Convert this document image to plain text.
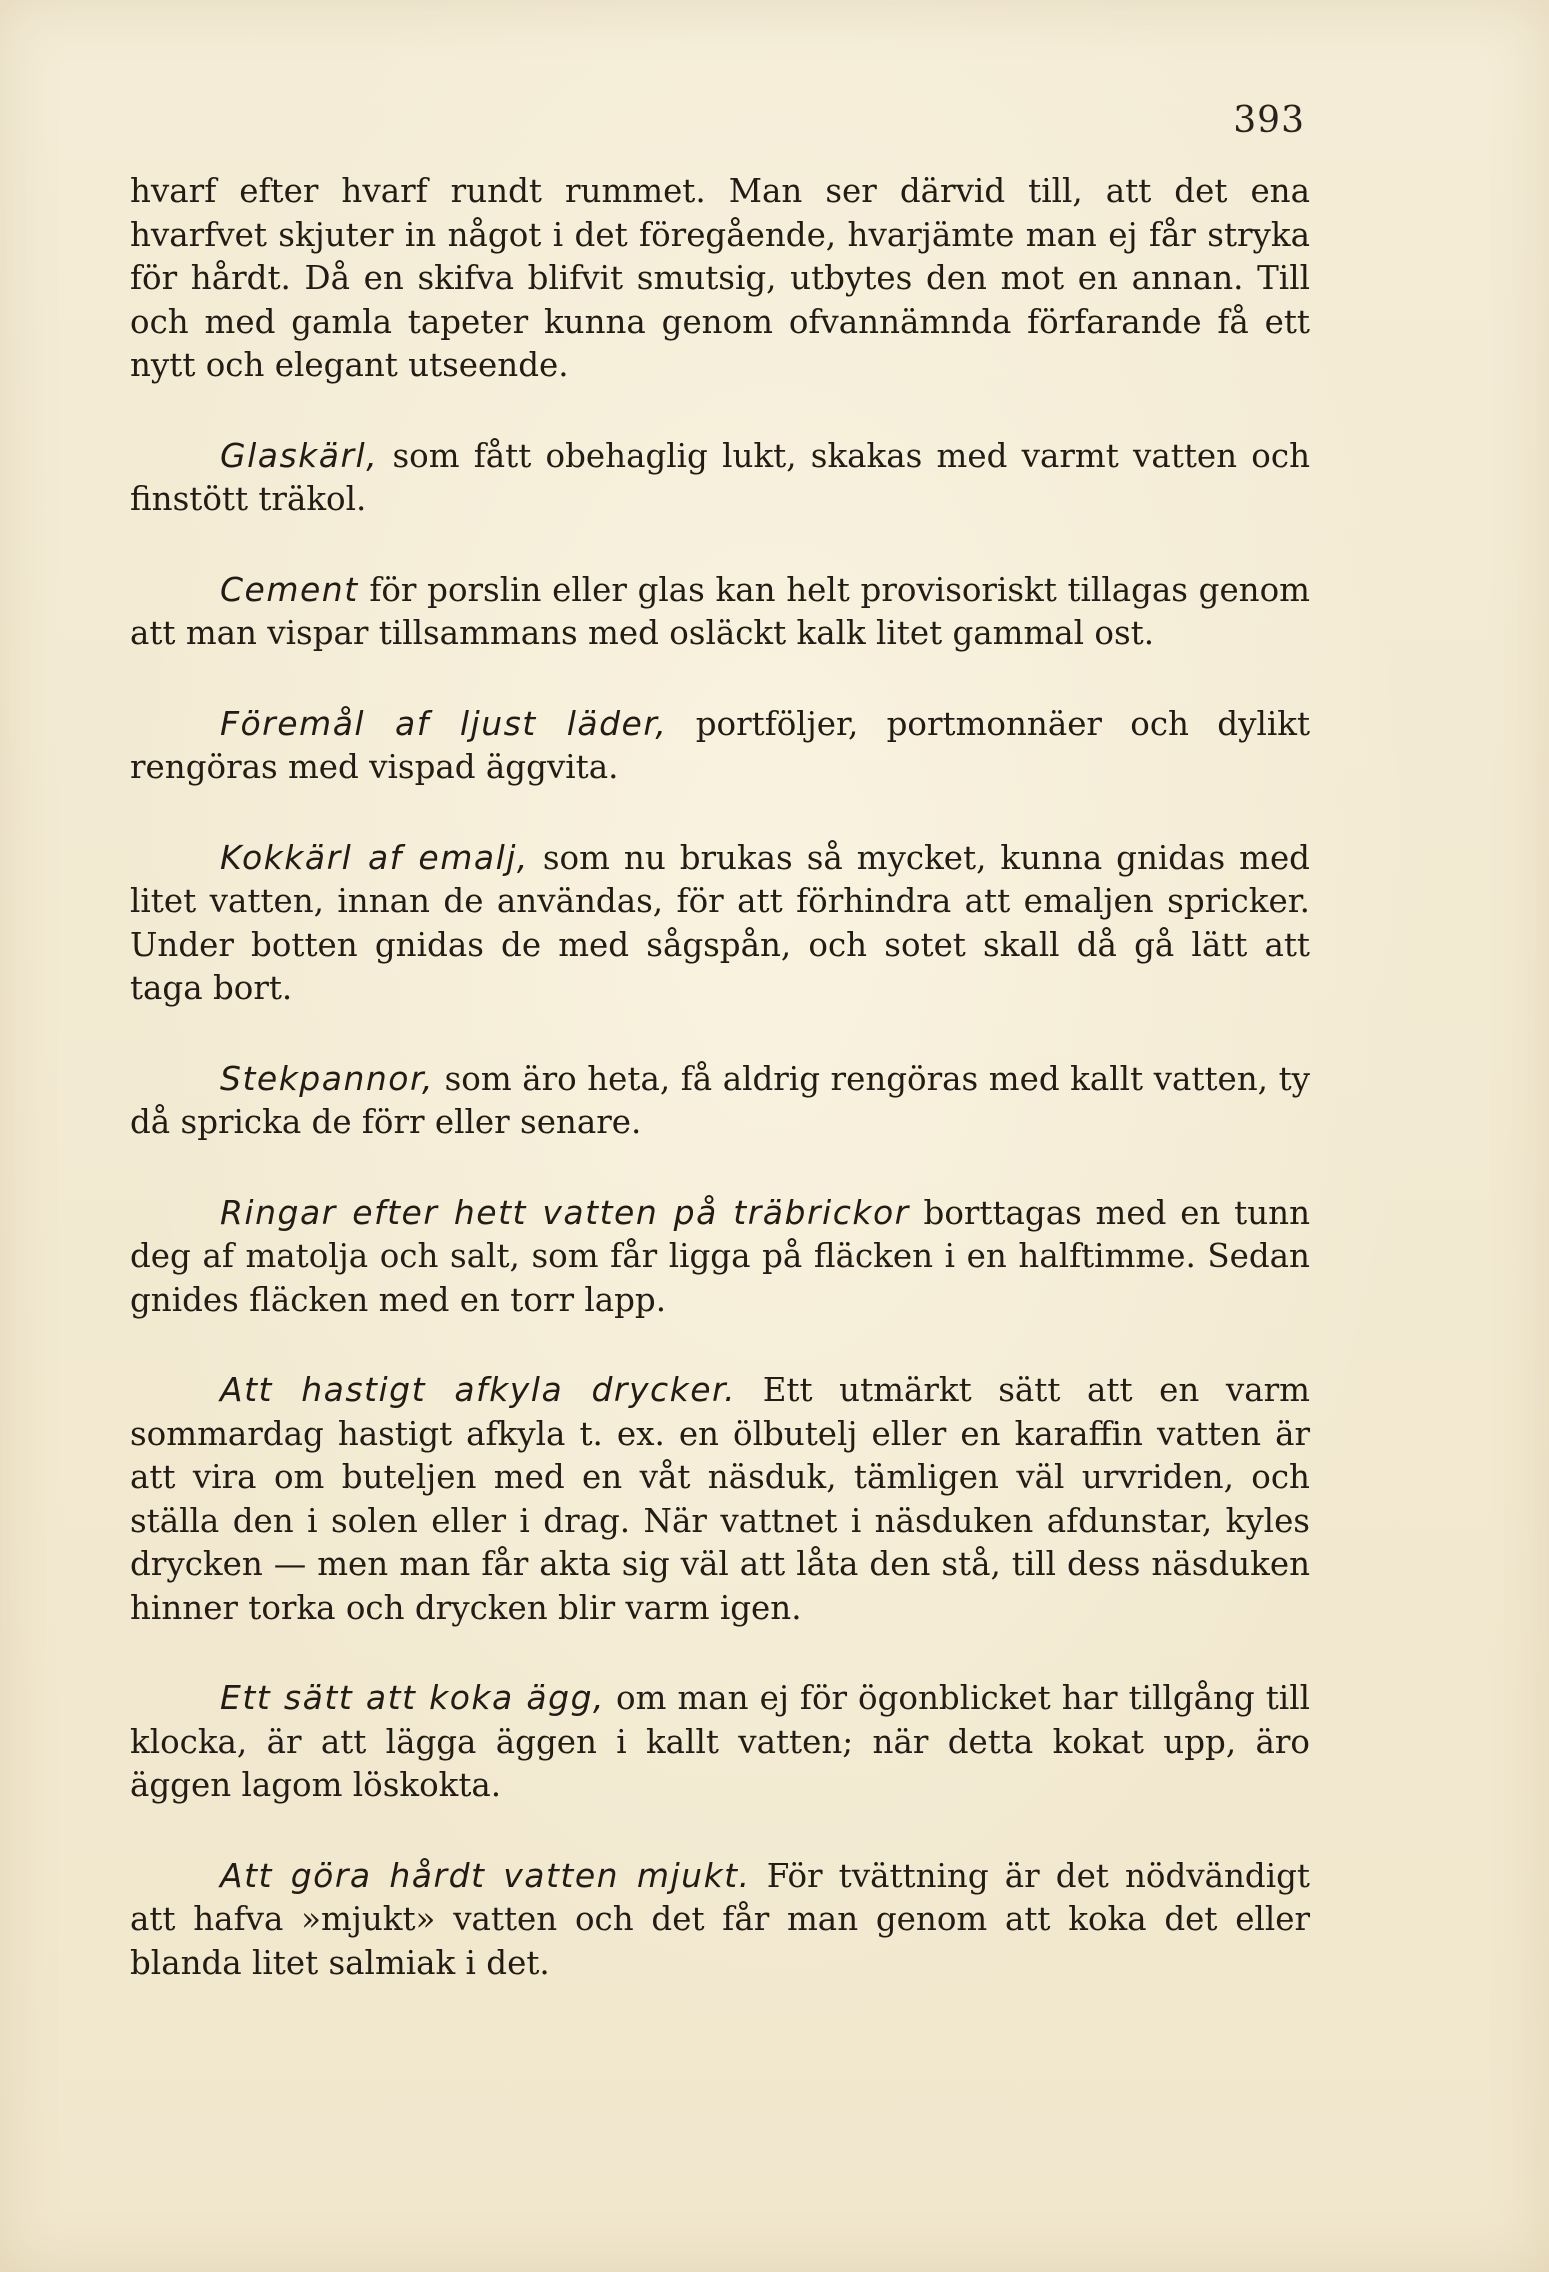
393

hvarf efter hvarf rundt rummet. Man ser därvid till, att det ena hvarfvet skjuter in något i det föregående, hvarjämte man ej får stryka för hårdt. Då en skifva blifvit smutsig, utbytes den mot en annan. Till och med gamla tapeter kunna genom ofvannämnda förfarande få ett nytt och elegant utseende.

Glaskärl, som fått obehaglig lukt, skakas med varmt vatten och finstött träkol.

Cement för porslin eller glas kan helt provisoriskt tillagas genom att man vispar tillsammans med osläckt kalk litet gammal ost.

Föremål af ljust läder, portföljer, portmonnäer och dylikt rengöras med vispad äggvita.

Kokkärl af emalj, som nu brukas så mycket, kunna gnidas med litet vatten, innan de användas, för att förhindra att emaljen spricker. Under botten gnidas de med sågspån, och sotet skall då gå lätt att taga bort.

Stekpannor, som äro heta, få aldrig rengöras med kallt vatten, ty då spricka de förr eller senare.

Ringar efter hett vatten på träbrickor borttagas med en tunn deg af matolja och salt, som får ligga på fläcken i en halftimme. Sedan gnides fläcken med en torr lapp.

Att hastigt afkyla drycker. Ett utmärkt sätt att en varm sommardag hastigt afkyla t. ex. en ölbutelj eller en karaffin vatten är att vira om buteljen med en våt näsduk, tämligen väl urvriden, och ställa den i solen eller i drag. När vattnet i näsduken afdunstar, kyles drycken — men man får akta sig väl att låta den stå, till dess näsduken hinner torka och drycken blir varm igen.

Ett sätt att koka ägg, om man ej för ögonblicket har tillgång till klocka, är att lägga äggen i kallt vatten; när detta kokat upp, äro äggen lagom löskokta.

Att göra hårdt vatten mjukt. För tvättning är det nödvändigt att hafva »mjukt» vatten och det får man genom att koka det eller blanda litet salmiak i det.
